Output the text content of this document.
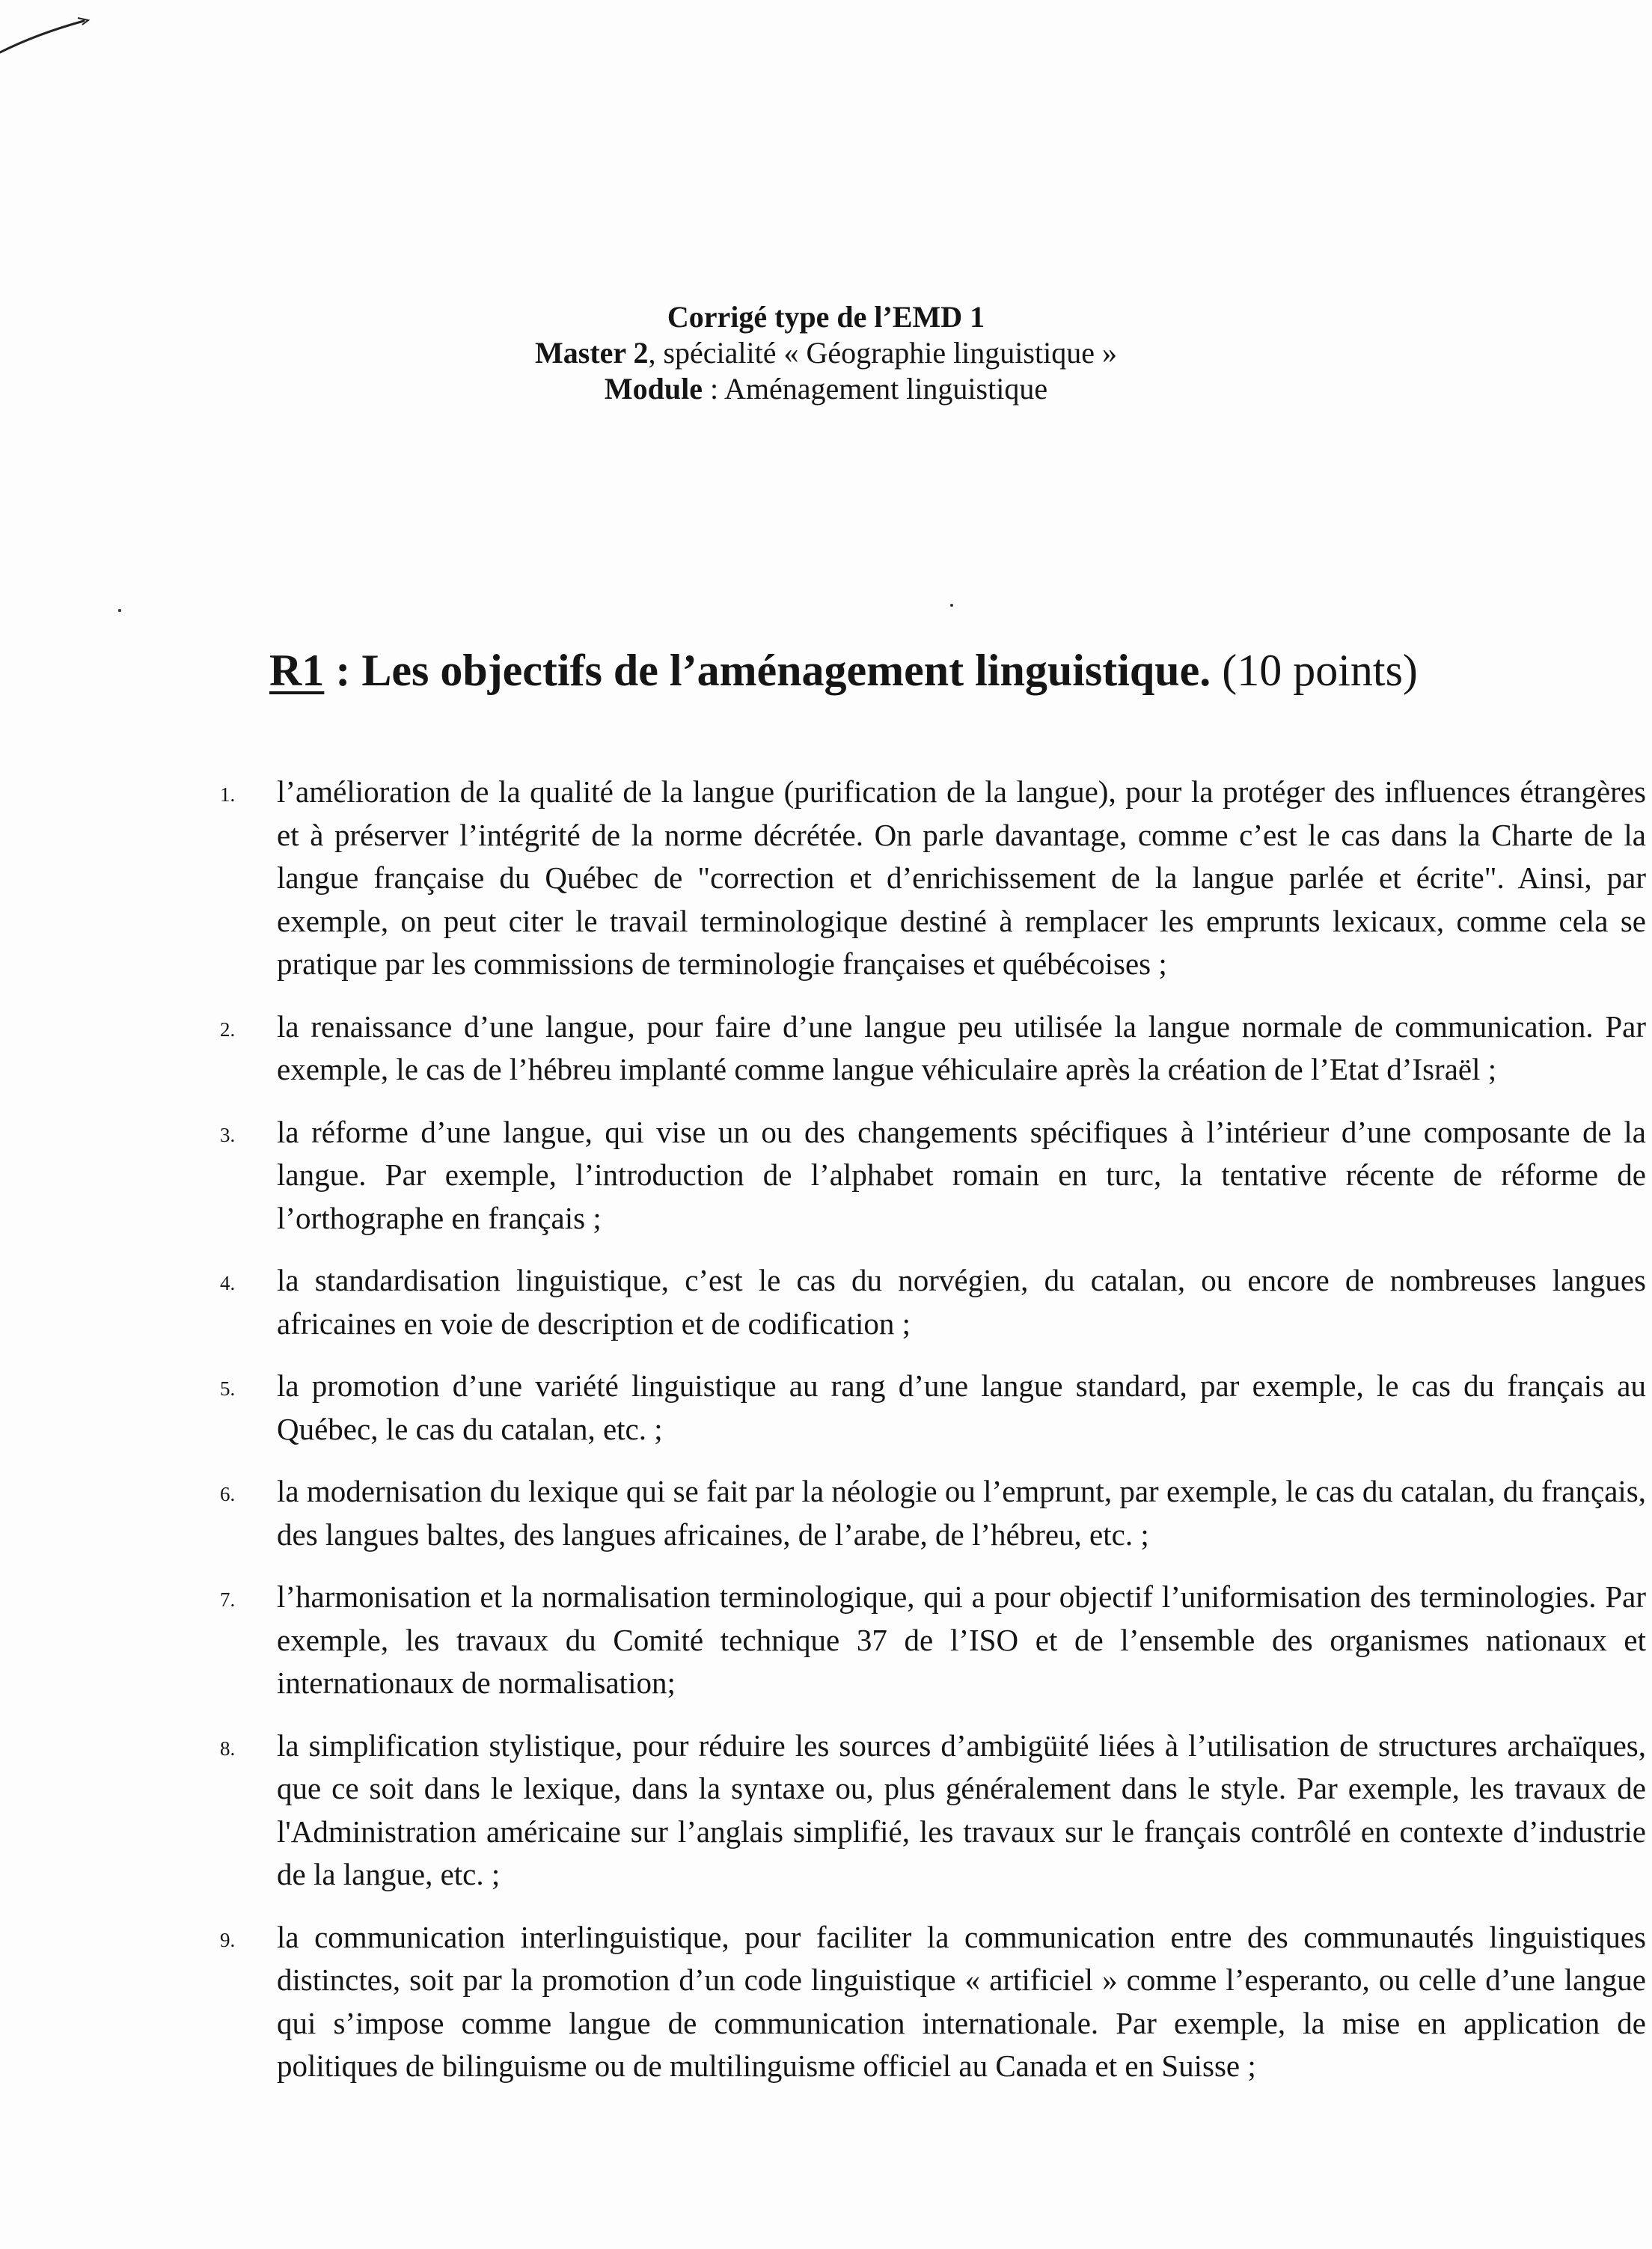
Corrigé type de l’EMD 1
Master 2, spécialité « Géographie linguistique »
Module : Aménagement linguistique
R1 : Les objectifs de l’aménagement linguistique. (10 points)
1. l’amélioration de la qualité de la langue (purification de la langue), pour la protéger des influences étrangères et à préserver l’intégrité de la norme décrétée. On parle davantage, comme c’est le cas dans la Charte de la langue française du Québec de "correction et d’enrichissement de la langue parlée et écrite". Ainsi, par exemple, on peut citer le travail terminologique destiné à remplacer les emprunts lexicaux, comme cela se pratique par les commissions de terminologie françaises et québécoises ;
2. la renaissance d’une langue, pour faire d’une langue peu utilisée la langue normale de communication. Par exemple, le cas de l’hébreu implanté comme langue véhiculaire après la création de l’Etat d’Israël ;
3. la réforme d’une langue, qui vise un ou des changements spécifiques à l’intérieur d’une composante de la langue. Par exemple, l’introduction de l’alphabet romain en turc, la tentative récente de réforme de l’orthographe en français ;
4. la standardisation linguistique, c’est le cas du norvégien, du catalan, ou encore de nombreuses langues africaines en voie de description et de codification ;
5. la promotion d’une variété linguistique au rang d’une langue standard, par exemple, le cas du français au Québec, le cas du catalan, etc. ;
6. la modernisation du lexique qui se fait par la néologie ou l’emprunt, par exemple, le cas du catalan, du français, des langues baltes, des langues africaines, de l’arabe, de l’hébreu, etc. ;
7. l’harmonisation et la normalisation terminologique, qui a pour objectif l’uniformisation des terminologies. Par exemple, les travaux du Comité technique 37 de l’ISO et de l’ensemble des organismes nationaux et internationaux de normalisation;
8. la simplification stylistique, pour réduire les sources d’ambigüité liées à l’utilisation de structures archaïques, que ce soit dans le lexique, dans la syntaxe ou, plus généralement dans le style. Par exemple, les travaux de l'Administration américaine sur l’anglais simplifié, les travaux sur le français contrôlé en contexte d’industrie de la langue, etc. ;
9. la communication interlinguistique, pour faciliter la communication entre des communautés linguistiques distinctes, soit par la promotion d’un code linguistique « artificiel » comme l’esperanto, ou celle d’une langue qui s’impose comme langue de communication internationale. Par exemple, la mise en application de politiques de bilinguisme ou de multilinguisme officiel au Canada et en Suisse ;
